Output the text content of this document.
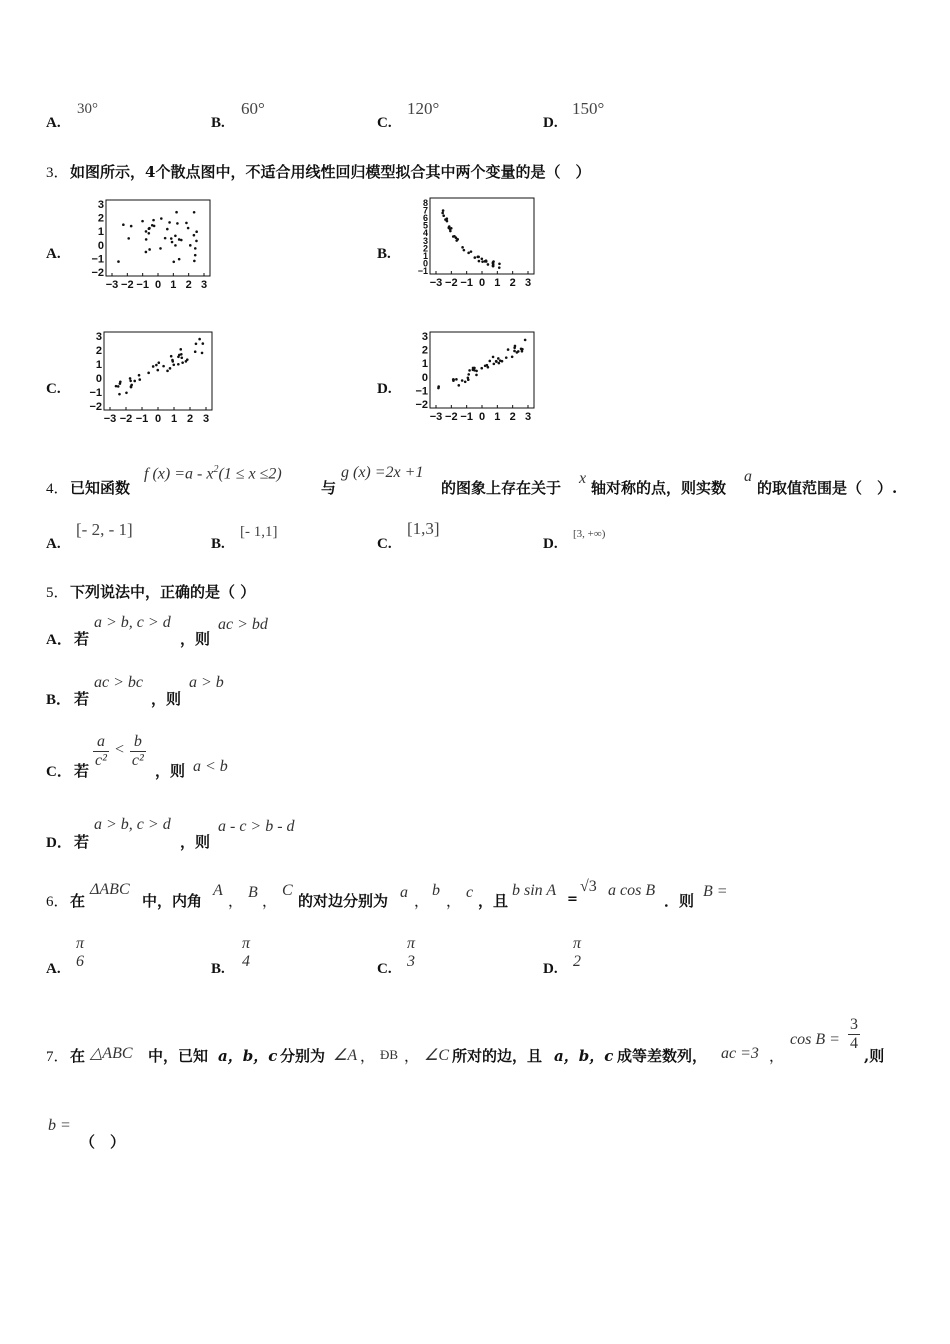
A.
30°
B.
60°
C.
120°
D.
150°
3． 如图所示，4个散点图中，不适合用线性回归模型拟合其中两个变量的是（　）
A.
−3 −2 −1 0 1 2 3
3
2
1
0
−1
−2
B.
−3 −2 −1 0 1 2 3
8
7
6
5
4
3
2
1
0
−1
C.
−3 −2 −1 0 1 2 3
3
2
1
0
−1
−2
D.
−3 −2 −1 0 1 2 3
3
2
1
0
−1
−2
4． 已知函数
f $(x) =a - x^2(1 \le x \le 2)$
与
g (x) =2x +1
的图象上存在关于
x
轴对称的点，则实数
a
的取值范围是（　）.
A.
[- 2, - 1]
B.
[- 1,1]
C.
[1,3]
D.
[3, +∞)
5． 下列说法中，正确的是（ ）
A． 若
a > b, c > d
，则
ac > bd
B． 若
ac > bc
，则
a > b
C． 若
$\frac{a}{\text{c²}} < \frac{b}{\text{c²}}$
，则 a < b
D． 若
a > b, c > d
，则
a - c > b - d
6． 在
ΔABC
中，内角
A
， B ，
C
的对边分别为 a ，
b
， c ，且
b sin A
=
√3 a cos B
．则
B =
A.
π
6	B.
π
4	C.
π
3	D.
π
2
7． 在 △ABC 中，已知 a，b，c 分别为 ∠A ， ÐB ， ∠C 所对的边，且 a，b，c 成等差数列， ac =3 ，
$\cos B = \frac{3}{4}$
,则
b =
（　）
